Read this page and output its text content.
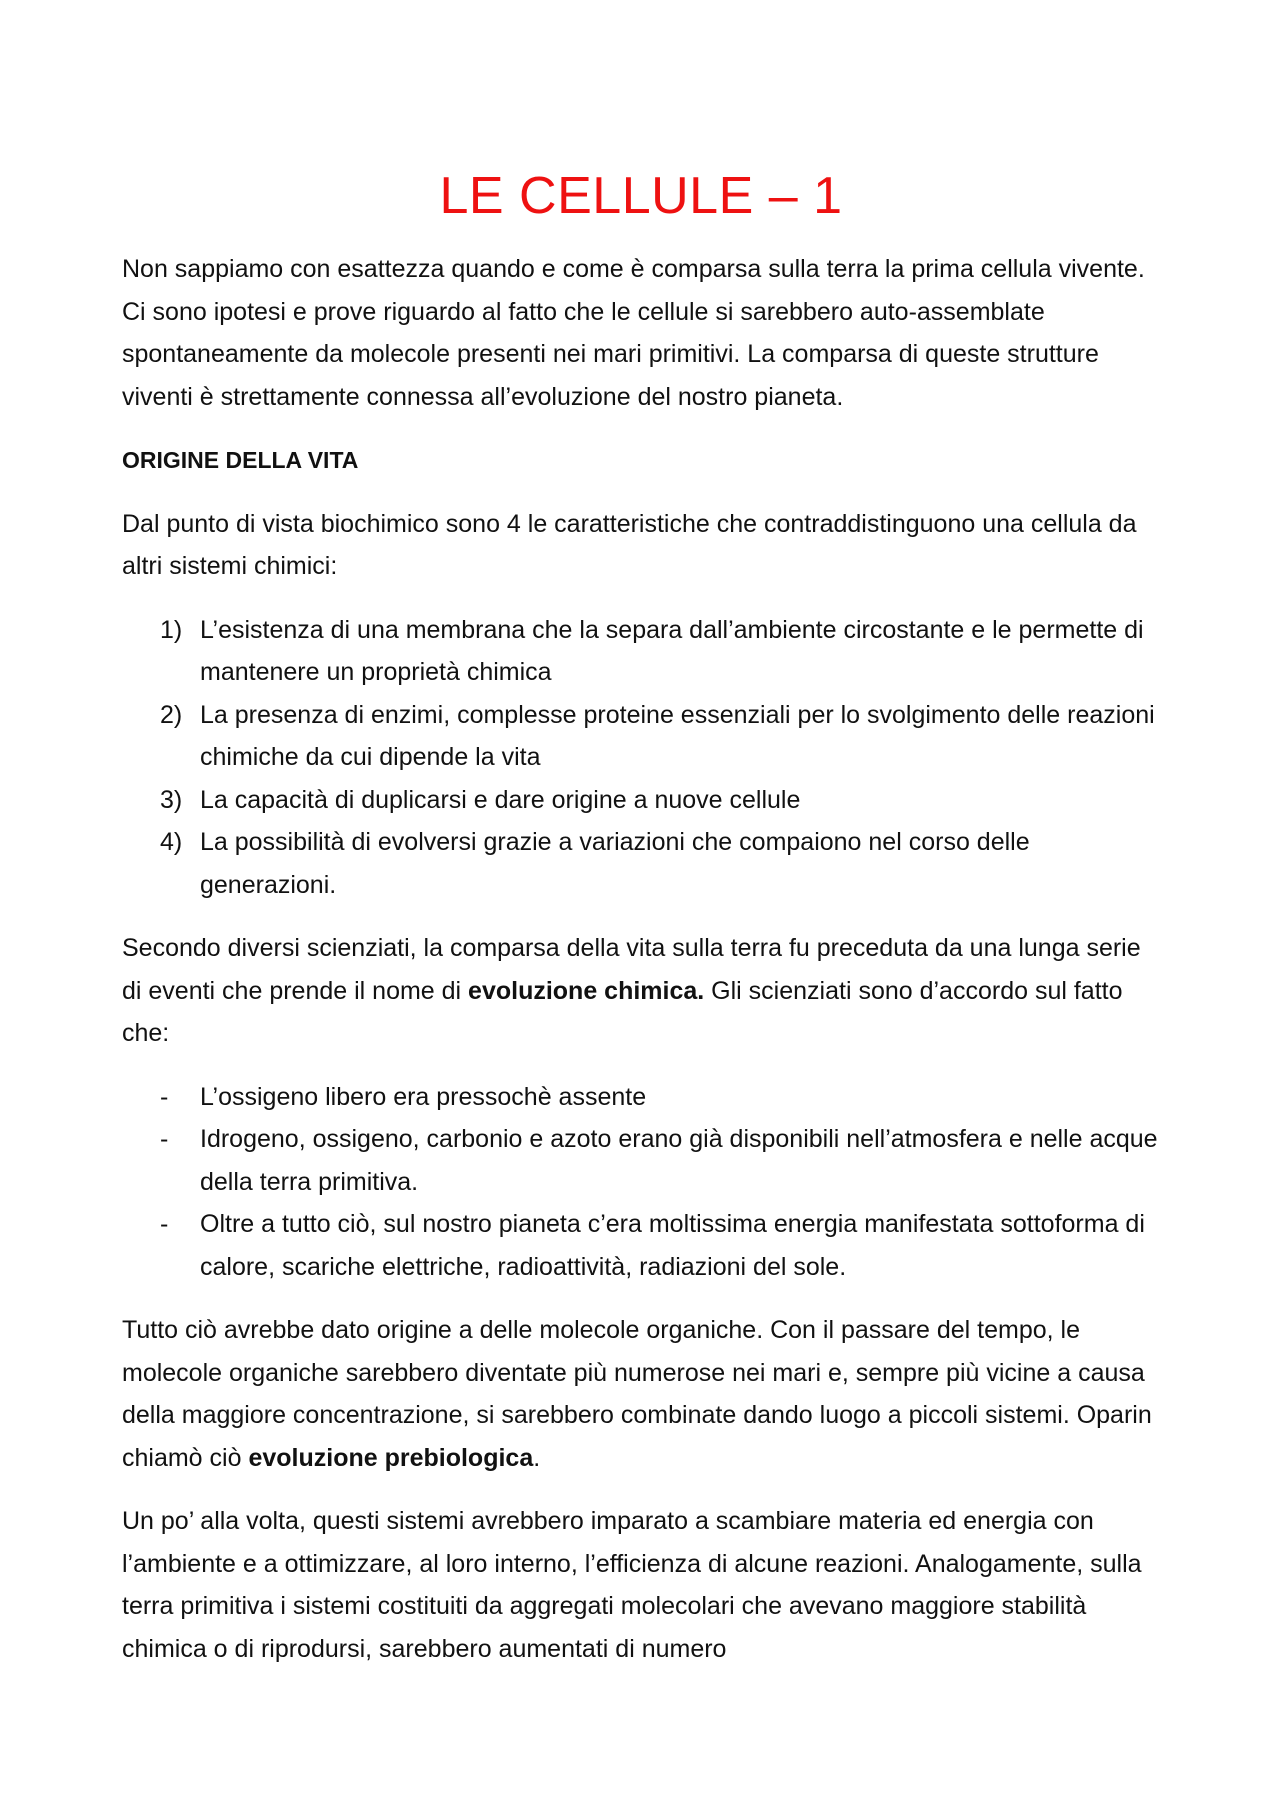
LE CELLULE – 1

Non sappiamo con esattezza quando e come è comparsa sulla terra la prima cellula vivente. Ci sono ipotesi e prove riguardo al fatto che le cellule si sarebbero auto-assemblate spontaneamente da molecole presenti nei mari primitivi. La comparsa di queste strutture viventi è strettamente connessa all’evoluzione del nostro pianeta.

ORIGINE DELLA VITA

Dal punto di vista biochimico sono 4 le caratteristiche che contraddistinguono una cellula da altri sistemi chimici:

1) L’esistenza di una membrana che la separa dall’ambiente circostante e le permette di mantenere un proprietà chimica
2) La presenza di enzimi, complesse proteine essenziali per lo svolgimento delle reazioni chimiche da cui dipende la vita
3) La capacità di duplicarsi e dare origine a nuove cellule
4) La possibilità di evolversi grazie a variazioni che compaiono nel corso delle generazioni.

Secondo diversi scienziati, la comparsa della vita sulla terra fu preceduta da una lunga serie di eventi che prende il nome di evoluzione chimica. Gli scienziati sono d’accordo sul fatto che:

-	L’ossigeno libero era pressochè assente
-	Idrogeno, ossigeno, carbonio e azoto erano già disponibili nell’atmosfera e nelle acque della terra primitiva.
-	Oltre a tutto ciò, sul nostro pianeta c’era moltissima energia manifestata sottoforma di calore, scariche elettriche, radioattività, radiazioni del sole.

Tutto ciò avrebbe dato origine a delle molecole organiche. Con il passare del tempo, le molecole organiche sarebbero diventate più numerose nei mari e, sempre più vicine a causa della maggiore concentrazione, si sarebbero combinate dando luogo a piccoli sistemi. Oparin chiamò ciò evoluzione prebiologica.

Un po’ alla volta, questi sistemi avrebbero imparato a scambiare materia ed energia con l’ambiente e a ottimizzare, al loro interno, l’efficienza di alcune reazioni. Analogamente, sulla terra primitiva i sistemi costituiti da aggregati molecolari che avevano maggiore stabilità chimica o di riprodursi, sarebbero aumentati di numero
